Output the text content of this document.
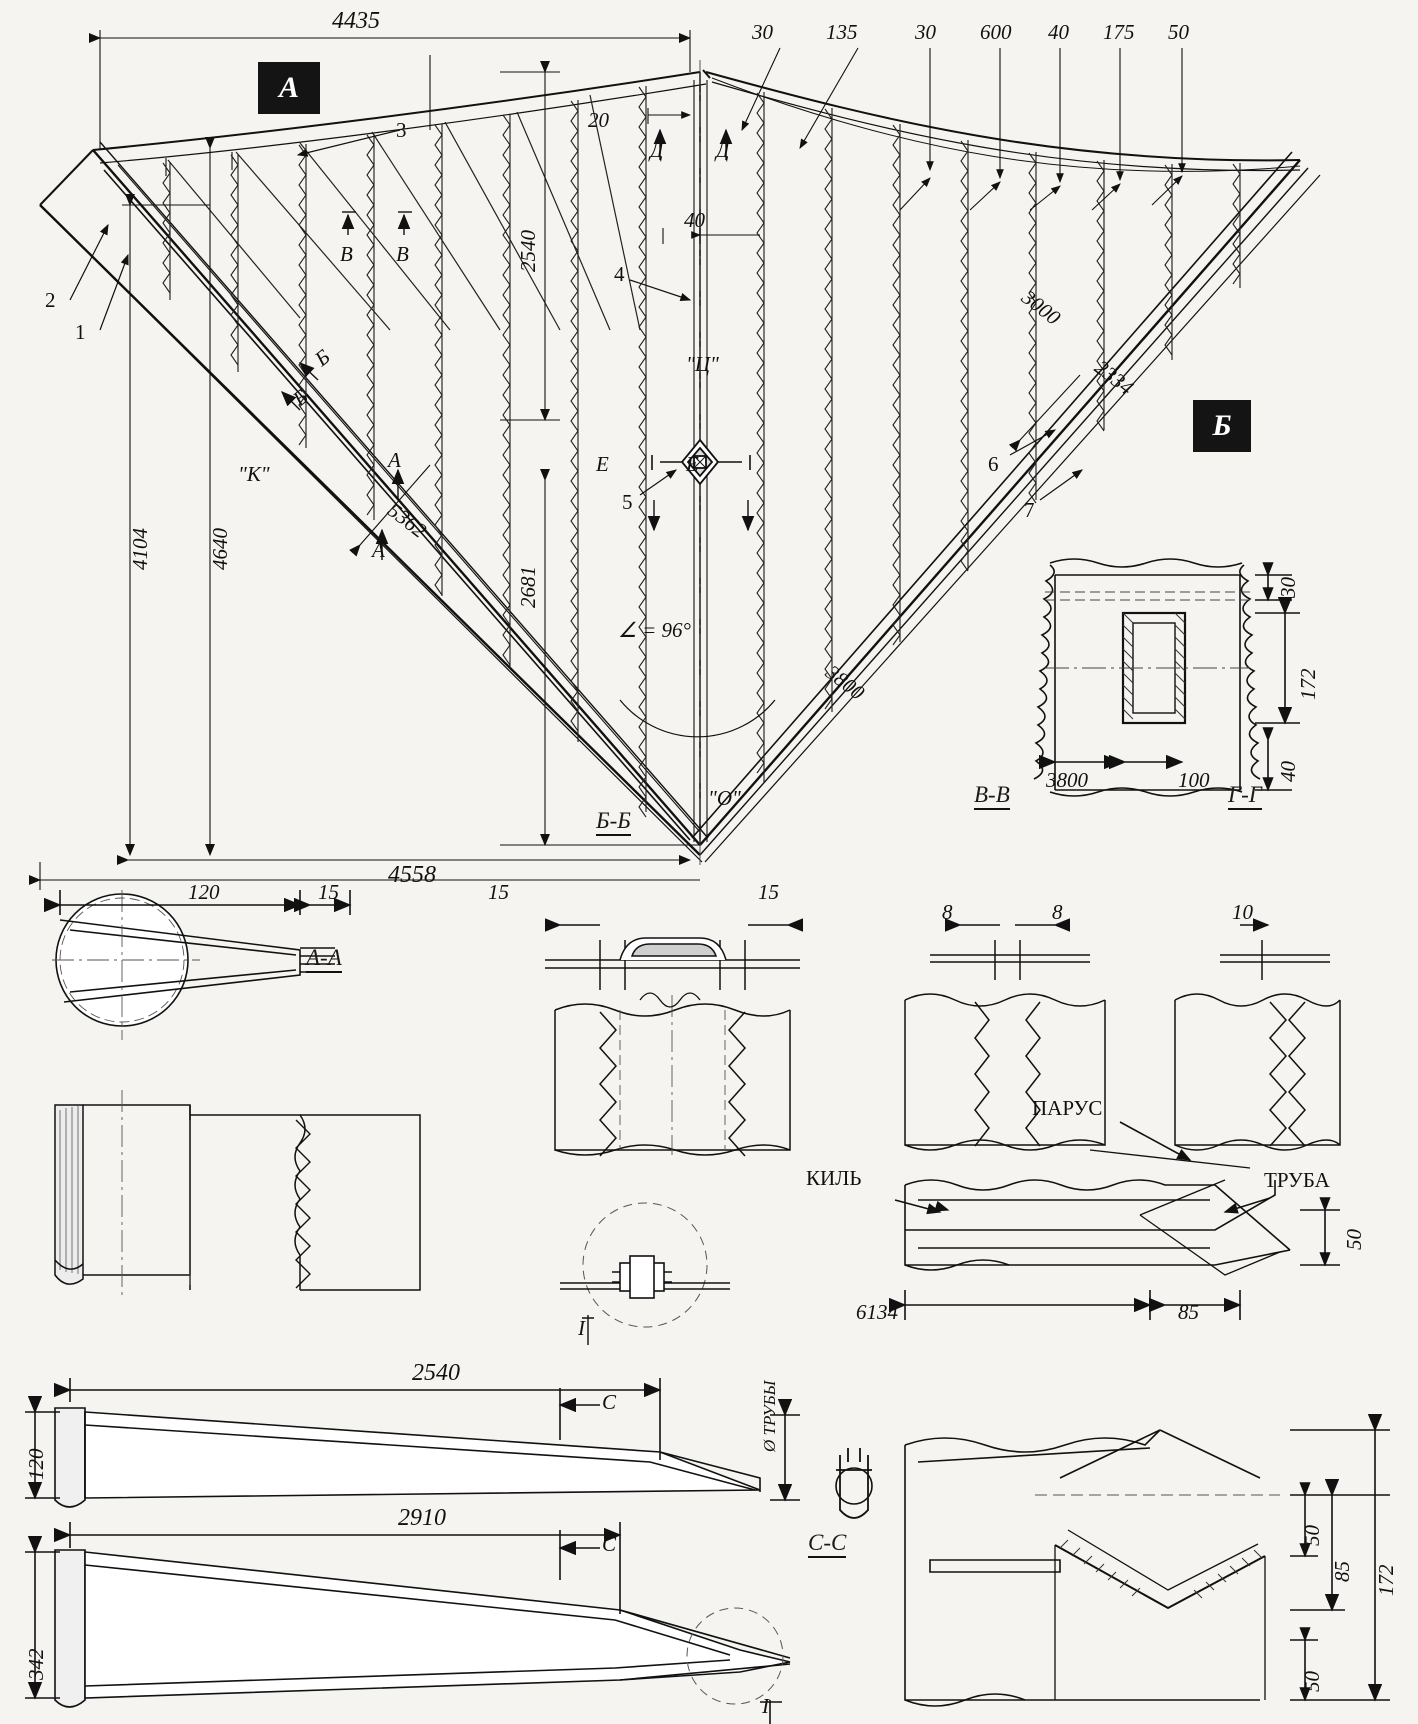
А
Б
4435
20
40
2540
2681
4104	4640
5362
4558
3800
3000
2334
∠ = 96°
30	135	30 600 40 175 50
1
2
3
4
5
6
7
Д	Д
В В
Б
Б
А
А
Е	Е
"К"
"Ц"
"О"
A-A
Б-Б
В-В	Г-Г
С-С
30
172
40
3800	100
8	8	10
120	15	15	15
2540
2910
120
342
Ø ТРУБЫ
С
С
I
I
ПАРУС
КИЛЬ	ТРУБА
50
6134	85
50
85 172
50
